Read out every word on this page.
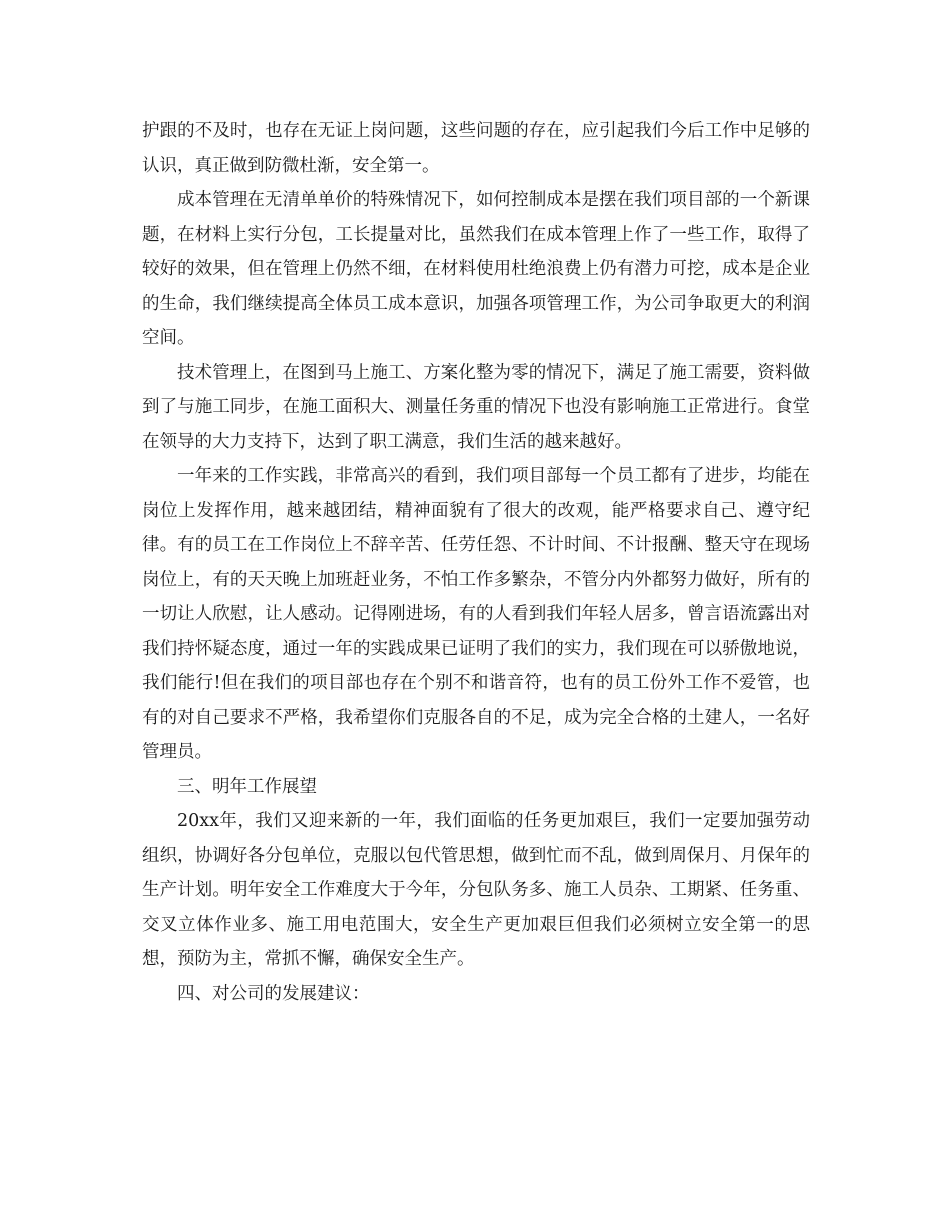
护跟的不及时，也存在无证上岗问题，这些问题的存在，应引起我们今后工作中足够的认识，真正做到防微杜渐，安全第一。

成本管理在无清单单价的特殊情况下，如何控制成本是摆在我们项目部的一个新课题，在材料上实行分包，工长提量对比，虽然我们在成本管理上作了一些工作，取得了较好的效果，但在管理上仍然不细，在材料使用杜绝浪费上仍有潜力可挖，成本是企业的生命，我们继续提高全体员工成本意识，加强各项管理工作，为公司争取更大的利润空间。

技术管理上，在图到马上施工、方案化整为零的情况下，满足了施工需要，资料做到了与施工同步，在施工面积大、测量任务重的情况下也没有影响施工正常进行。食堂在领导的大力支持下，达到了职工满意，我们生活的越来越好。

一年来的工作实践，非常高兴的看到，我们项目部每一个员工都有了进步，均能在岗位上发挥作用，越来越团结，精神面貌有了很大的改观，能严格要求自己、遵守纪律。有的员工在工作岗位上不辞辛苦、任劳任怨、不计时间、不计报酬、整天守在现场岗位上，有的天天晚上加班赶业务，不怕工作多繁杂，不管分内外都努力做好，所有的一切让人欣慰，让人感动。记得刚进场，有的人看到我们年轻人居多，曾言语流露出对我们持怀疑态度，通过一年的实践成果已证明了我们的实力，我们现在可以骄傲地说，我们能行!但在我们的项目部也存在个别不和谐音符，也有的员工份外工作不爱管，也有的对自己要求不严格，我希望你们克服各自的不足，成为完全合格的土建人，一名好管理员。

三、明年工作展望

20xx年，我们又迎来新的一年，我们面临的任务更加艰巨，我们一定要加强劳动组织，协调好各分包单位，克服以包代管思想，做到忙而不乱，做到周保月、月保年的生产计划。明年安全工作难度大于今年，分包队务多、施工人员杂、工期紧、任务重、交叉立体作业多、施工用电范围大，安全生产更加艰巨但我们必须树立安全第一的思想，预防为主，常抓不懈，确保安全生产。

四、对公司的发展建议：
